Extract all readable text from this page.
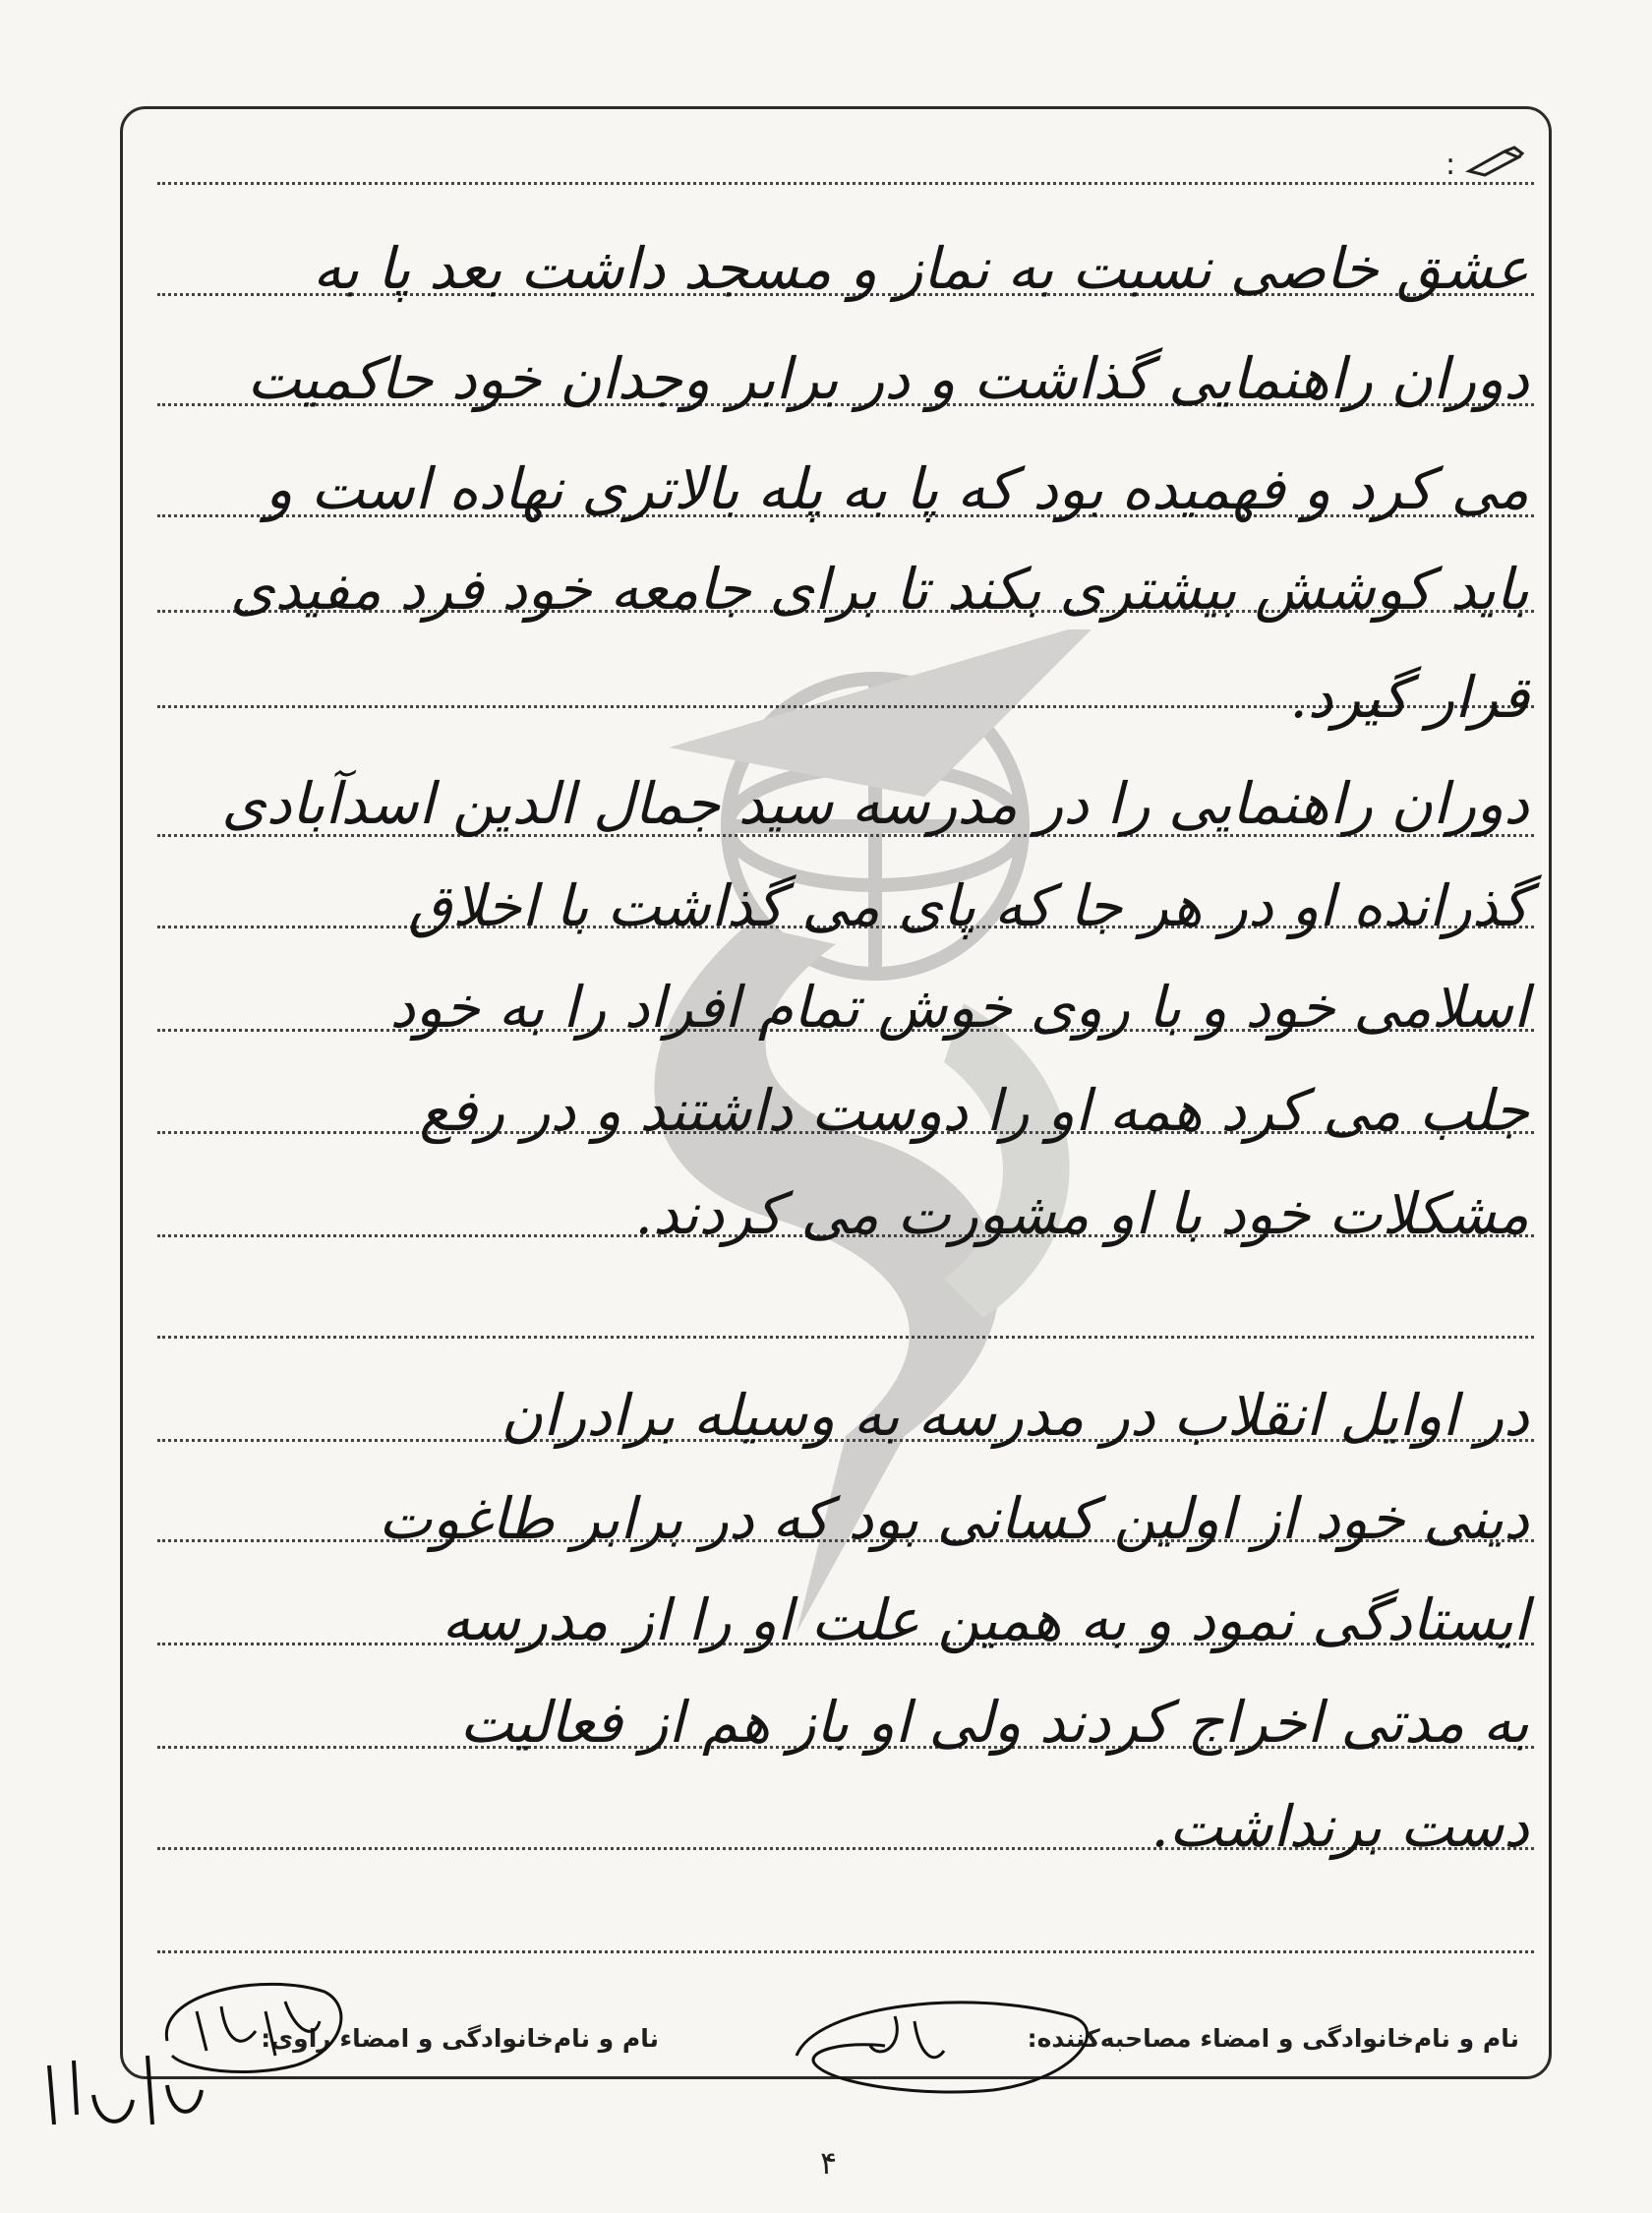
:
عشق خاصی نسبت به نماز و مسجد داشت بعد پا به
دوران راهنمایی گذاشت و در برابر وجدان خود حاکمیت
می کرد و فهمیده بود که پا به پله بالاتری نهاده است و
باید کوشش بیشتری بکند تا برای جامعه خود فرد مفیدی
قرار گیرد.
دوران راهنمایی را در مدرسه سید جمال الدین اسدآبادی
گذرانده او در هر جا که پای می گذاشت با اخلاق
اسلامی خود و با روی خوش تمام افراد را به خود
جلب می کرد همه او را دوست داشتند و در رفع
مشکلات خود با او مشورت می کردند.
در اوایل انقلاب در مدرسه به وسیله برادران
دینی خود از اولین کسانی بود که در برابر طاغوت
ایستادگی نمود و به همین علت او را از مدرسه
به مدتی اخراج کردند ولی او باز هم از فعالیت
دست برنداشت.
نام و نام‌خانوادگی و امضاء مصاحبه‌کننده:
نام و نام‌خانوادگی و امضاء راوی:
۴
